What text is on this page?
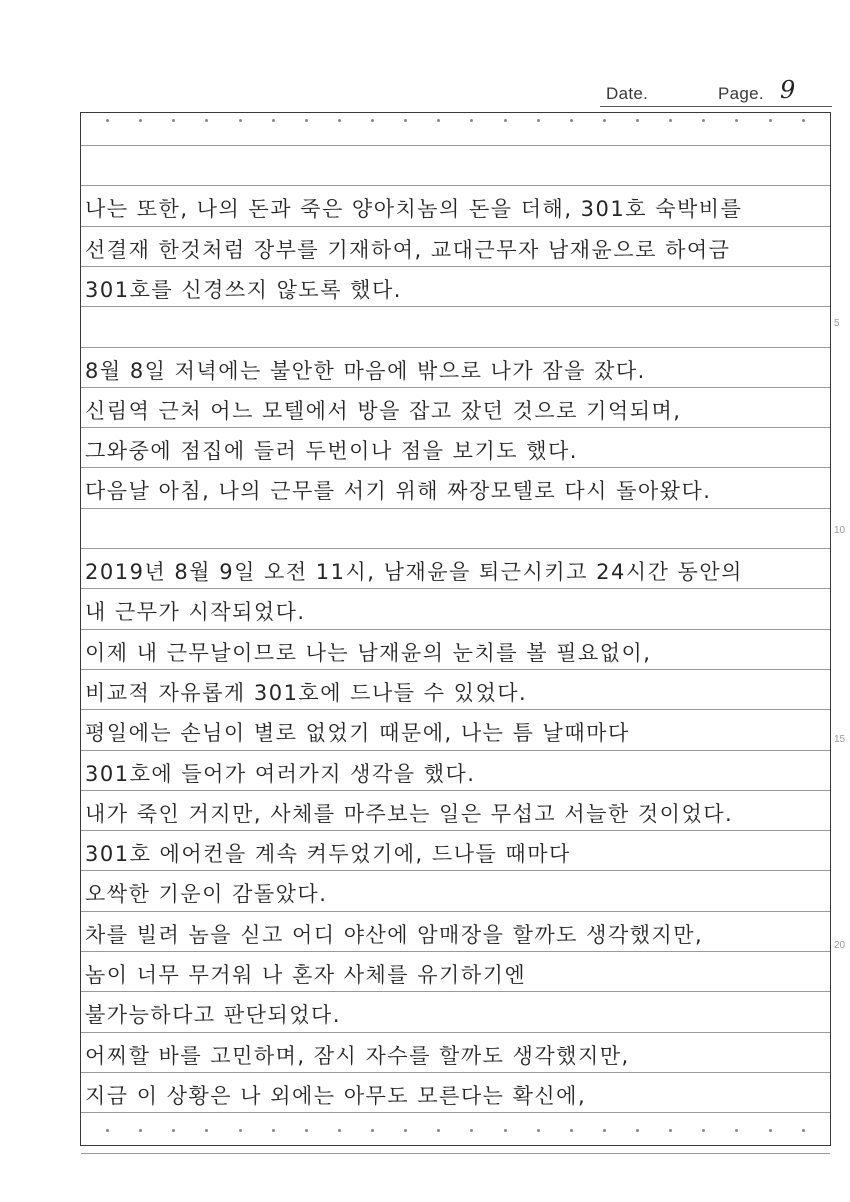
Date.	Page. 9
나는 또한, 나의 돈과 죽은 양아치놈의 돈을 더해, 301호 숙박비를
선결재 한것처럼 장부를 기재하여, 교대근무자 남재윤으로 하여금
301호를 신경쓰지 않도록 했다.
8월 8일 저녁에는 불안한 마음에 밖으로 나가 잠을 잤다.
신림역 근처 어느 모텔에서 방을 잡고 잤던 것으로 기억되며,
그와중에 점집에 들러 두번이나 점을 보기도 했다.
다음날 아침, 나의 근무를 서기 위해 짜장모텔로 다시 돌아왔다.
2019년 8월 9일 오전 11시, 남재윤을 퇴근시키고 24시간 동안의
내 근무가 시작되었다.
이제 내 근무날이므로 나는 남재윤의 눈치를 볼 필요없이,
비교적 자유롭게 301호에 드나들 수 있었다.
평일에는 손님이 별로 없었기 때문에, 나는 틈 날때마다
301호에 들어가 여러가지 생각을 했다.
내가 죽인 거지만, 사체를 마주보는 일은 무섭고 서늘한 것이었다.
301호 에어컨을 계속 켜두었기에, 드나들 때마다
오싹한 기운이 감돌았다.
차를 빌려 놈을 싣고 어디 야산에 암매장을 할까도 생각했지만,
놈이 너무 무거워 나 혼자 사체를 유기하기엔
불가능하다고 판단되었다.
어찌할 바를 고민하며, 잠시 자수를 할까도 생각했지만,
지금 이 상황은 나 외에는 아무도 모른다는 확신에,
5
10
15
20
